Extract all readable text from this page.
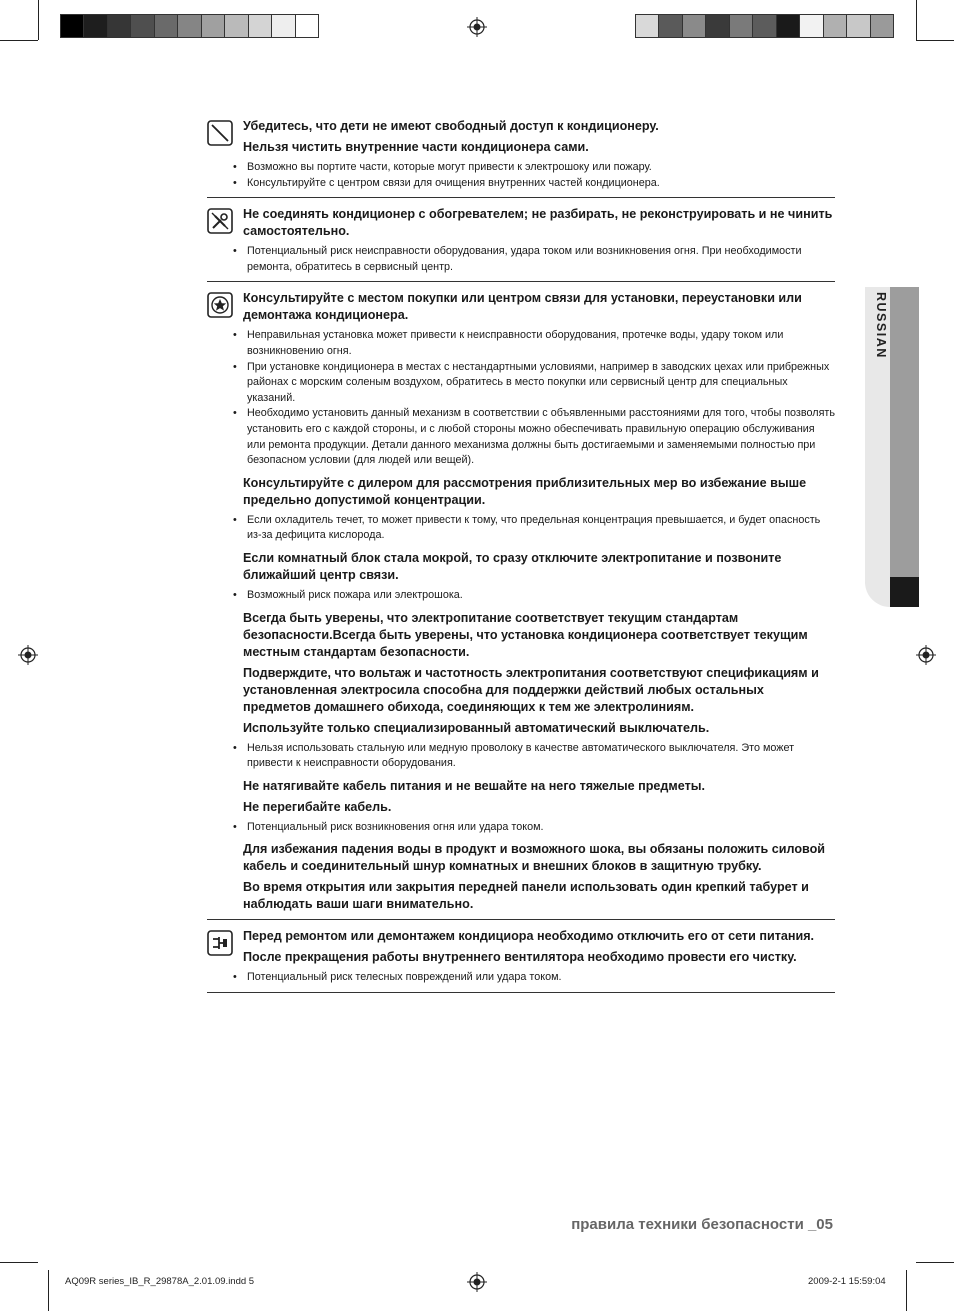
RUSSIAN
Убедитесь, что дети не имеют свободный доступ к кондиционеру.
Нельзя чистить внутренние части кондиционера сами.
• Возможно вы портите части, которые могут привести к электрошоку или пожару.
• Консультируйте с центром связи для очищения внутренних частей кондиционера.
Не соединять кондиционер с обогревателем; не разбирать, не реконструировать и не чинить самостоятельно.
• Потенциальный риск неисправности оборудования, удара током или возникновения огня. При необходимости ремонта, обратитесь в сервисный центр.
Консультируйте с местом покупки или центром связи для установки, переустановки или демонтажа кондиционера.
• Неправильная установка может привести к неисправности оборудования, протечке воды, удару током или возникновению огня.
• При установке кондиционера в местах с нестандартными условиями, например в заводских цехах или прибрежных районах с морским соленым воздухом, обратитесь в место покупки или сервисный центр для специальных указаний.
• Необходимо установить данный механизм в соответствии с объявленными расстояниями для того, чтобы позволять установить его с каждой стороны, и с любой стороны можно обеспечивать правильную операцию обслуживания или ремонта продукции. Детали данного механизма должны быть достигаемыми и заменяемыми полностью при безопасном условии (для людей или вещей).
Консультируйте с дилером для рассмотрения приблизительных мер во избежание выше предельно допустимой концентрации.
• Если охладитель течет, то может привести к тому, что предельная концентрация превышается, и будет опасность из-за дефицита кислорода.
Если комнатный блок стала мокрой, то сразу отключите электропитание и позвоните ближайший центр связи.
• Возможный риск пожара или электрошока.
Всегда быть уверены, что электропитание соответствует текущим стандартам безопасности.Всегда быть уверены, что установка кондиционера соответствует текущим местным стандартам безопасности.
Подверждите, что вольтаж и частотность электропитания соответствуют спецификациям и установленная электросила способна для поддержки действий любых остальных предметов домашнего обихода, соединяющих к тем же электролиниям.
Используйте только специализированный автоматический выключатель.
• Нельзя использовать стальную или медную проволоку в качестве автоматического выключателя. Это может привести к неисправности оборудования.
Не натягивайте кабель питания и не вешайте на него тяжелые предметы.
Не перегибайте кабель.
• Потенциальный риск возникновения огня или удара током.
Для избежания падения воды в продукт и возможного шока, вы обязаны положить силовой кабель и соединительный шнур комнатных и внешних блоков в защитную трубку.
Во время открытия или закрытия передней панели использовать один крепкий табурет и наблюдать ваши шаги внимательно.
Перед ремонтом или демонтажем кондициора необходимо отключить его от сети питания.
После прекращения работы внутреннего вентилятора необходимо провести его чистку.
• Потенциальный риск телесных повреждений или удара током.
правила техники безопасности _05
AQ09R series_IB_R_29878A_2.01.09.indd 5	2009-2-1 15:59:04
